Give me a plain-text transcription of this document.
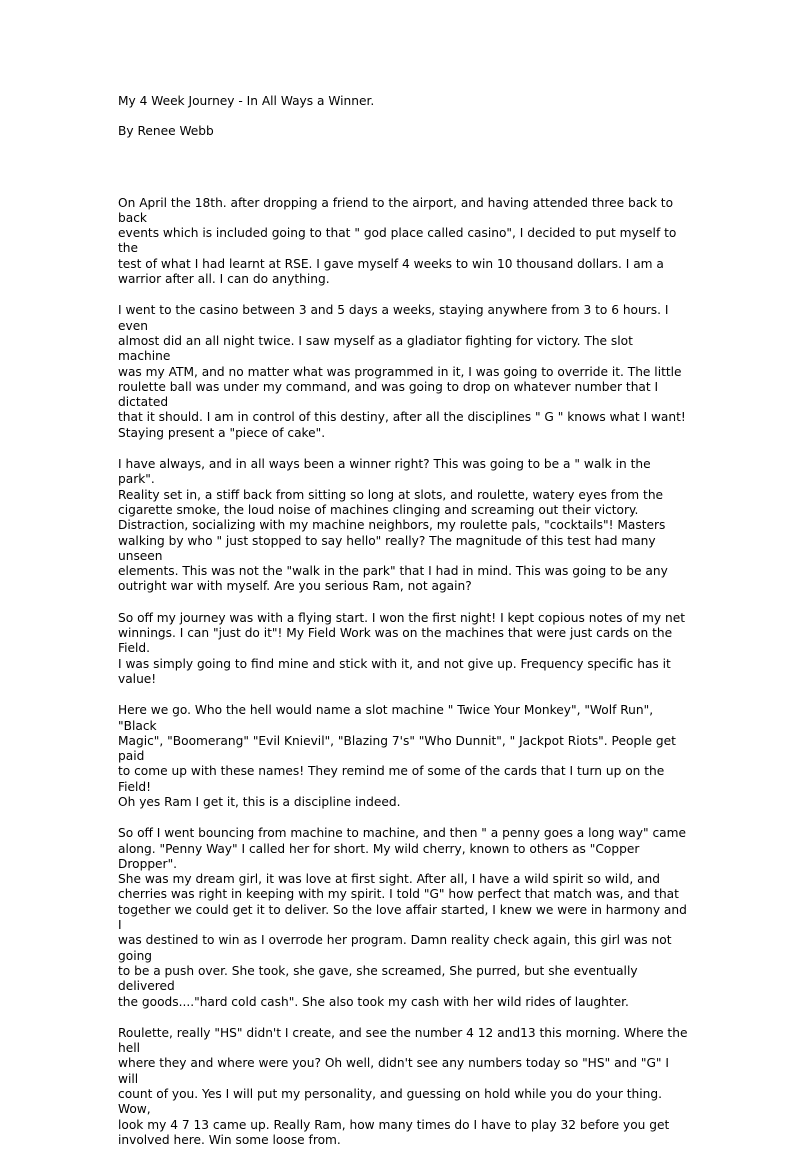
My 4 Week Journey - In All Ways a Winner.

By Renee Webb

On April the 18th. after dropping a friend to the airport, and having attended three back to back
events which is included going to that " god place called casino", I decided to put myself to the
test of what I had learnt at RSE. I gave myself 4 weeks to win 10 thousand dollars. I am a
warrior after all. I can do anything.

I went to the casino between 3 and 5 days a weeks, staying anywhere from 3 to 6 hours. I even
almost did an all night twice. I saw myself as a gladiator fighting for victory. The slot machine
was my ATM, and no matter what was programmed in it, I was going to override it. The little
roulette ball was under my command, and was going to drop on whatever number that I dictated
that it should. I am in control of this destiny, after all the disciplines " G " knows what I want!
Staying present a "piece of cake".

I have always, and in all ways been a winner right? This was going to be a " walk in the park".
Reality set in, a stiff back from sitting so long at slots, and roulette, watery eyes from the
cigarette smoke, the loud noise of machines clinging and screaming out their victory.
Distraction, socializing with my machine neighbors, my roulette pals, "cocktails"! Masters
walking by who " just stopped to say hello" really? The magnitude of this test had many unseen
elements. This was not the "walk in the park" that I had in mind. This was going to be any
outright war with myself. Are you serious Ram, not again?

So off my journey was with a flying start. I won the first night! I kept copious notes of my net
winnings. I can "just do it"! My Field Work was on the machines that were just cards on the Field.
I was simply going to find mine and stick with it, and not give up. Frequency specific has it
value!

Here we go. Who the hell would name a slot machine " Twice Your Monkey", "Wolf Run", "Black
Magic", "Boomerang" "Evil Knievil", "Blazing 7's" "Who Dunnit", " Jackpot Riots". People get paid
to come up with these names! They remind me of some of the cards that I turn up on the Field!
Oh yes Ram I get it, this is a discipline indeed.

So off I went bouncing from machine to machine, and then " a penny goes a long way" came
along. "Penny Way" I called her for short. My wild cherry, known to others as "Copper Dropper".
She was my dream girl, it was love at first sight. After all, I have a wild spirit so wild, and
cherries was right in keeping with my spirit. I told "G" how perfect that match was, and that
together we could get it to deliver. So the love affair started, I knew we were in harmony and I
was destined to win as I overrode her program. Damn reality check again, this girl was not going
to be a push over. She took, she gave, she screamed, She purred, but she eventually delivered
the goods...."hard cold cash". She also took my cash with her wild rides of laughter.

Roulette, really "HS" didn't I create, and see the number 4 12 and13 this morning. Where the hell
where they and where were you? Oh well, didn't see any numbers today so "HS" and "G" I will
count of you. Yes I will put my personality, and guessing on hold while you do your thing. Wow,
look my 4 7 13 came up. Really Ram, how many times do I have to play 32 before you get
involved here. Win some loose from.
